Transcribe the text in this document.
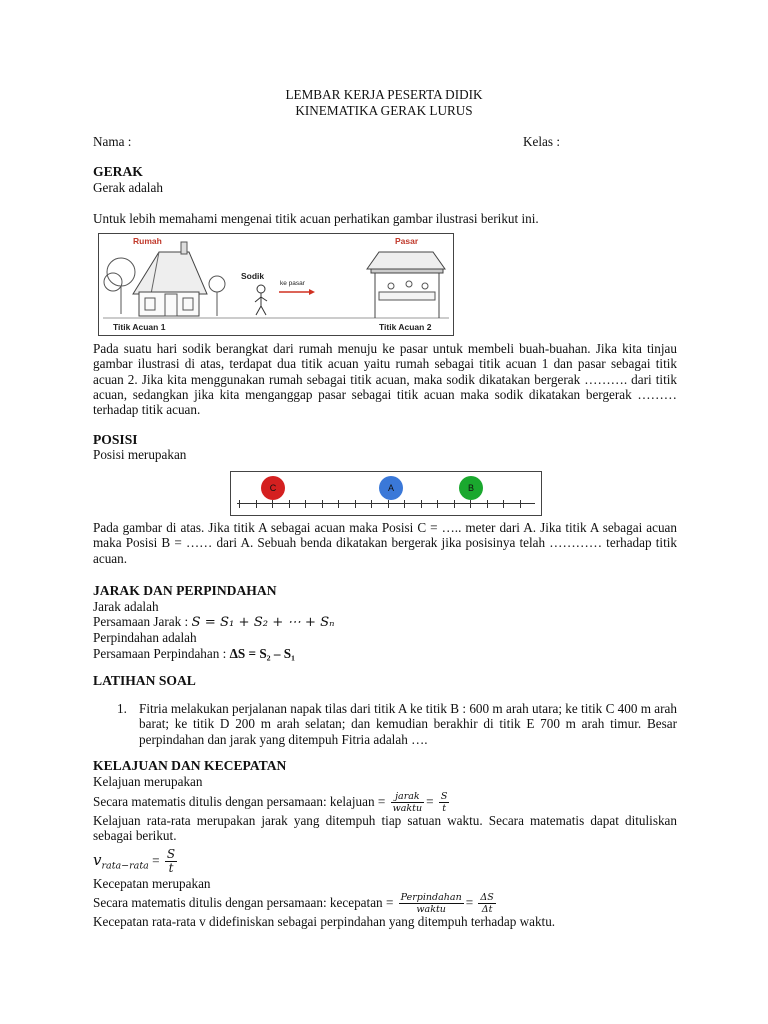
LEMBAR KERJA PESERTA DIDIK
KINEMATIKA GERAK LURUS
Nama :	Kelas :
GERAK
Gerak adalah
Untuk lebih memahami mengenai titik acuan perhatikan gambar ilustrasi berikut ini.
Rumah	Pasar
Sodik
ke pasar
Titik Acuan 1	Titik Acuan 2
Pada suatu hari sodik berangkat dari rumah menuju ke pasar untuk membeli buah-buahan. Jika kita tinjau gambar ilustrasi di atas, terdapat dua titik acuan yaitu rumah sebagai titik acuan 1 dan pasar sebagai titik acuan 2. Jika kita menggunakan rumah sebagai titik acuan, maka sodik dikatakan bergerak ………. dari titik acuan, sedangkan jika kita menganggap pasar sebagai titik acuan maka sodik dikatakan bergerak ……… terhadap titik acuan.
POSISI
Posisi merupakan
C	A	B
Pada gambar di atas. Jika titik A sebagai acuan maka Posisi C = ….. meter dari A. Jika titik A sebagai acuan maka Posisi B = …… dari A. Sebuah benda dikatakan bergerak jika posisinya telah ………… terhadap titik acuan.
JARAK DAN PERPINDAHAN
Jarak adalah
Persamaan Jarak : S = S₁ + S₂ + ⋯ + Sₙ
Perpindahan adalah
Persamaan Perpindahan : ΔS = S₂ – S₁
LATIHAN SOAL
1. Fitria melakukan perjalanan napak tilas dari titik A ke titik B : 600 m arah utara; ke titik C 400 m arah barat; ke titik D 200 m arah selatan; dan kemudian berakhir di titik E 700 m arah timur. Besar perpindahan dan jarak yang ditempuh Fitria adalah ….
KELAJUAN DAN KECEPATAN
Kelajuan merupakan
Secara matematis ditulis dengan persamaan: kelajuan = $\frac{\text{jarak}}{\text{waktu}} = \frac{S}{t}$
Kelajuan rata-rata merupakan jarak yang ditempuh tiap satuan waktu. Secara matematis dapat dituliskan sebagai berikut.
$v_{rata-rata} = \frac{S}{t}$
Kecepatan merupakan
Secara matematis ditulis dengan persamaan: kecepatan = $\frac{\text{Perpindahan}}{\text{waktu}} = \frac{\Delta S}{\Delta t}$
Kecepatan rata-rata v didefiniskan sebagai perpindahan yang ditempuh terhadap waktu.
